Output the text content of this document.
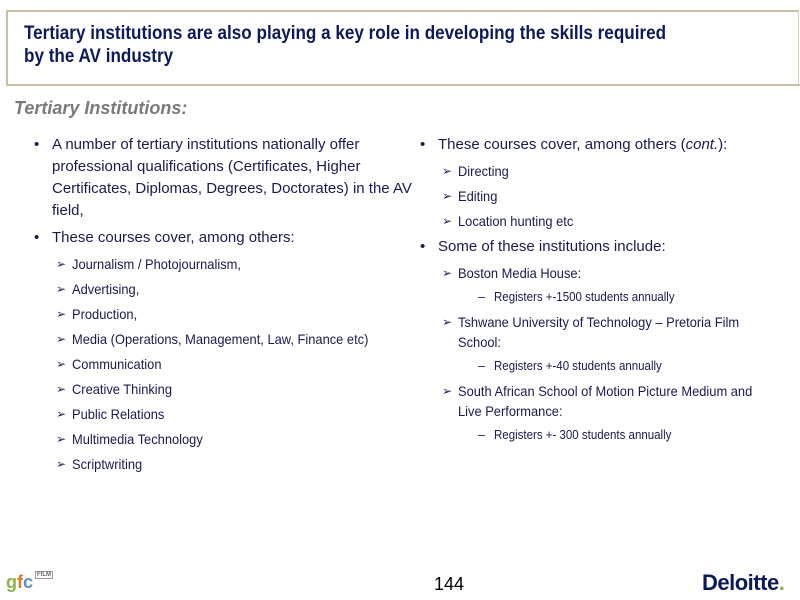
Tertiary institutions are also playing a key role in developing the skills required by the AV industry
Tertiary Institutions:
• A number of tertiary institutions nationally offer professional qualifications (Certificates, Higher Certificates, Diplomas, Degrees, Doctorates) in the AV field,
• These courses cover, among others:
➢ Journalism / Photojournalism,
➢ Advertising,
➢ Production,
➢ Media (Operations, Management, Law, Finance etc)
➢ Communication
➢ Creative Thinking
➢ Public Relations
➢ Multimedia Technology
➢ Scriptwriting
• These courses cover, among others (cont.):
➢ Directing
➢ Editing
➢ Location hunting etc
• Some of these institutions include:
➢ Boston Media House:
– Registers +-1500 students annually
➢ Tshwane University of Technology – Pretoria Film School:
– Registers +-40 students annually
➢ South African School of Motion Picture Medium and Live Performance:
– Registers +- 300 students annually
gfc $^{FILM}$	144	Deloitte.
